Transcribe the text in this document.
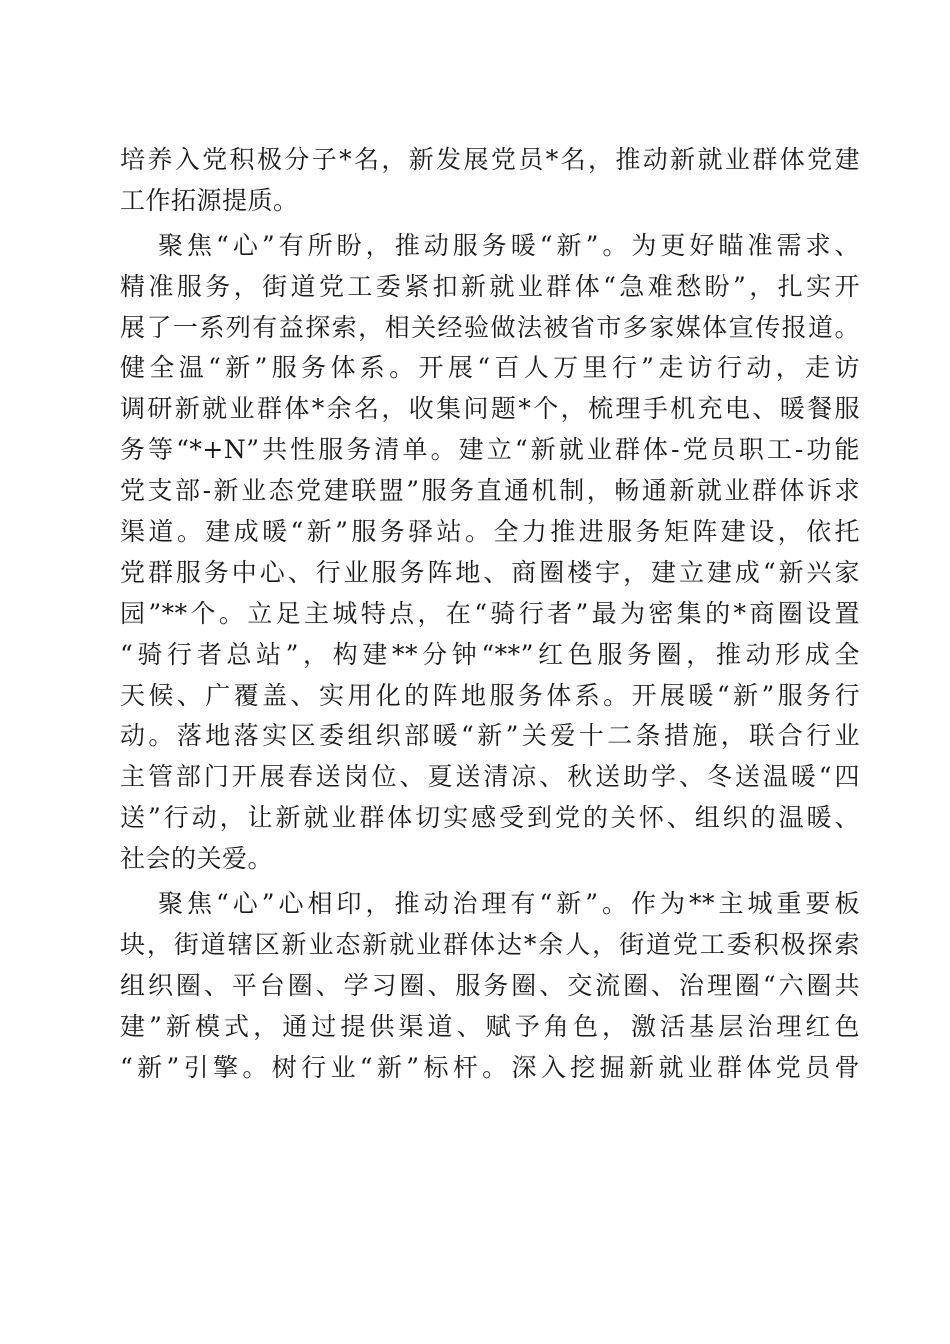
培养入党积极分子*名，新发展党员*名，推动新就业群体党建
工作拓源提质。
聚焦“心”有所盼，推动服务暖“新”。为更好瞄准需求、
精准服务，街道党工委紧扣新就业群体“急难愁盼”，扎实开
展了一系列有益探索，相关经验做法被省市多家媒体宣传报道。
健全温“新”服务体系。开展“百人万里行”走访行动，走访
调研新就业群体*余名，收集问题*个，梳理手机充电、暖餐服
务等“*+N”共性服务清单。建立“新就业群体-党员职工-功能
党支部-新业态党建联盟”服务直通机制，畅通新就业群体诉求
渠道。建成暖“新”服务驿站。全力推进服务矩阵建设，依托
党群服务中心、行业服务阵地、商圈楼宇，建立建成“新兴家
园”**个。立足主城特点，在“骑行者”最为密集的*商圈设置
“骑行者总站”，构建**分钟“**”红色服务圈，推动形成全
天候、广覆盖、实用化的阵地服务体系。开展暖“新”服务行
动。落地落实区委组织部暖“新”关爱十二条措施，联合行业
主管部门开展春送岗位、夏送清凉、秋送助学、冬送温暖“四
送”行动，让新就业群体切实感受到党的关怀、组织的温暖、
社会的关爱。
聚焦“心”心相印，推动治理有“新”。作为**主城重要板
块，街道辖区新业态新就业群体达*余人，街道党工委积极探索
组织圈、平台圈、学习圈、服务圈、交流圈、治理圈“六圈共
建”新模式，通过提供渠道、赋予角色，激活基层治理红色
“新”引擎。树行业“新”标杆。深入挖掘新就业群体党员骨
